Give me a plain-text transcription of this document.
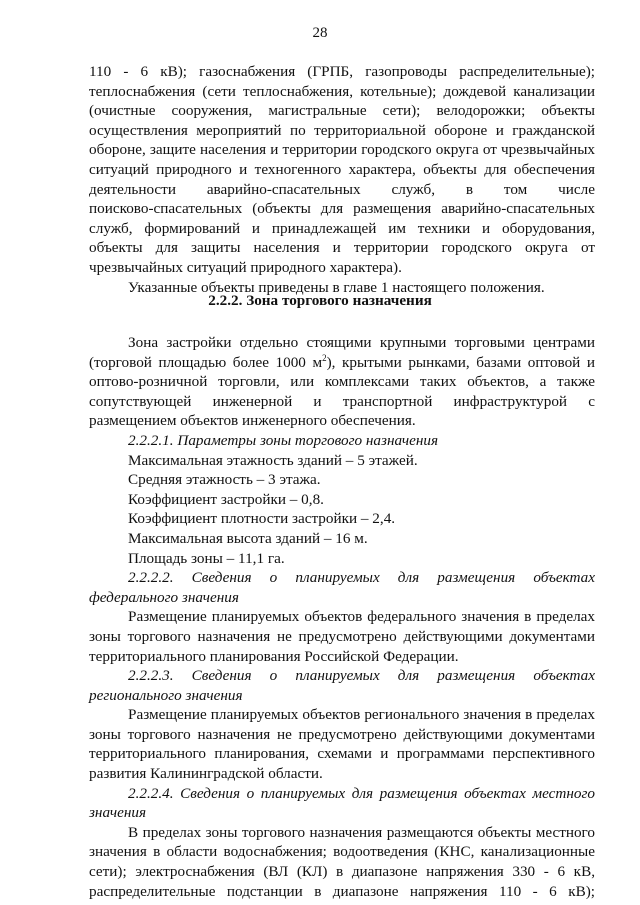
28

110 - 6 кВ); газоснабжения (ГРПБ, газопроводы распределительные);

теплоснабжения (сети теплоснабжения, котельные); дождевой канализации

(очистные сооружения, магистральные сети); велодорожки; объекты

осуществления мероприятий по территориальной обороне и гражданской

обороне, защите населения и территории городского округа от чрезвычайных

ситуаций природного и техногенного характера, объекты для обеспечения

деятельности аварийно-спасательных служб, в том числе

поисково-спасательных (объекты для размещения аварийно-спасательных

служб, формирований и принадлежащей им техники и оборудования,

объекты для защиты населения и территории городского округа от

чрезвычайных ситуаций природного характера).

Указанные объекты приведены в главе 1 настоящего положения.

2.2.2. Зона торгового назначения

Зона застройки отдельно стоящими крупными торговыми центрами

(торговой площадью более 1000 $м^2$), крытыми рынками, базами оптовой и

оптово-розничной торговли, или комплексами таких объектов, а также

сопутствующей инженерной и транспортной инфраструктурой с

размещением объектов инженерного обеспечения.

2.2.2.1. Параметры зоны торгового назначения

Максимальная этажность зданий – 5 этажей.

Средняя этажность – 3 этажа.

Коэффициент застройки – 0,8.

Коэффициент плотности застройки – 2,4.

Максимальная высота зданий – 16 м.

Площадь зоны – 11,1 га.

2.2.2.2. Сведения о планируемых для размещения объектах

федерального значения

Размещение планируемых объектов федерального значения в пределах

зоны торгового назначения не предусмотрено действующими документами

территориального планирования Российской Федерации.

2.2.2.3. Сведения о планируемых для размещения объектах

регионального значения

Размещение планируемых объектов регионального значения в пределах

зоны торгового назначения не предусмотрено действующими документами

территориального планирования, схемами и программами перспективного

развития Калининградской области.

2.2.2.4. Сведения о планируемых для размещения объектах местного

значения

В пределах зоны торгового назначения размещаются объекты местного

значения в области водоснабжения; водоотведения (КНС, канализационные

сети); электроснабжения (ВЛ (КЛ) в диапазоне напряжения 330 - 6 кВ,

распределительные подстанции в диапазоне напряжения 110 - 6 кВ);
